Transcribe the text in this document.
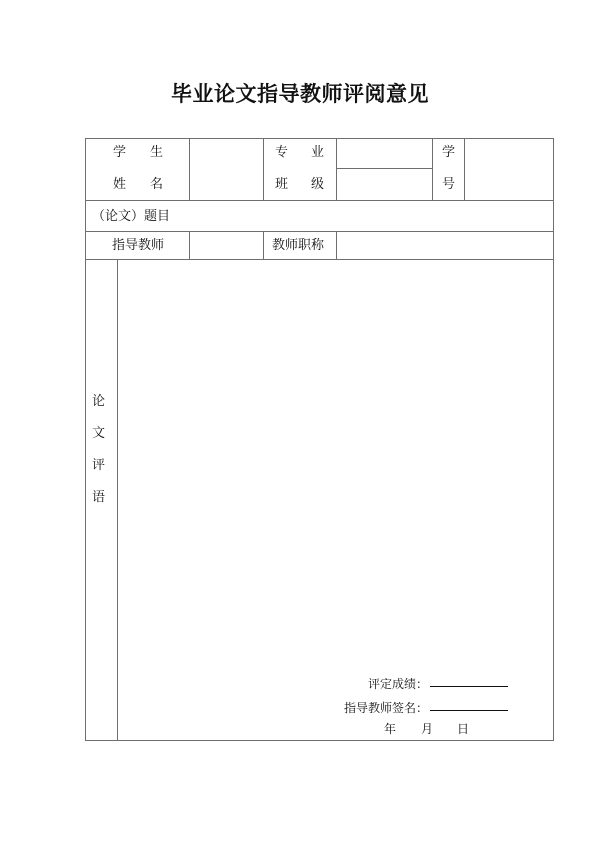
毕业论文指导教师评阅意见
学 生
姓 名
专 业
班 级
学
号
（论文）题目
指导教师	教师职称
论
文
评
语
评定成绩：
指导教师签名：
年 月 日
